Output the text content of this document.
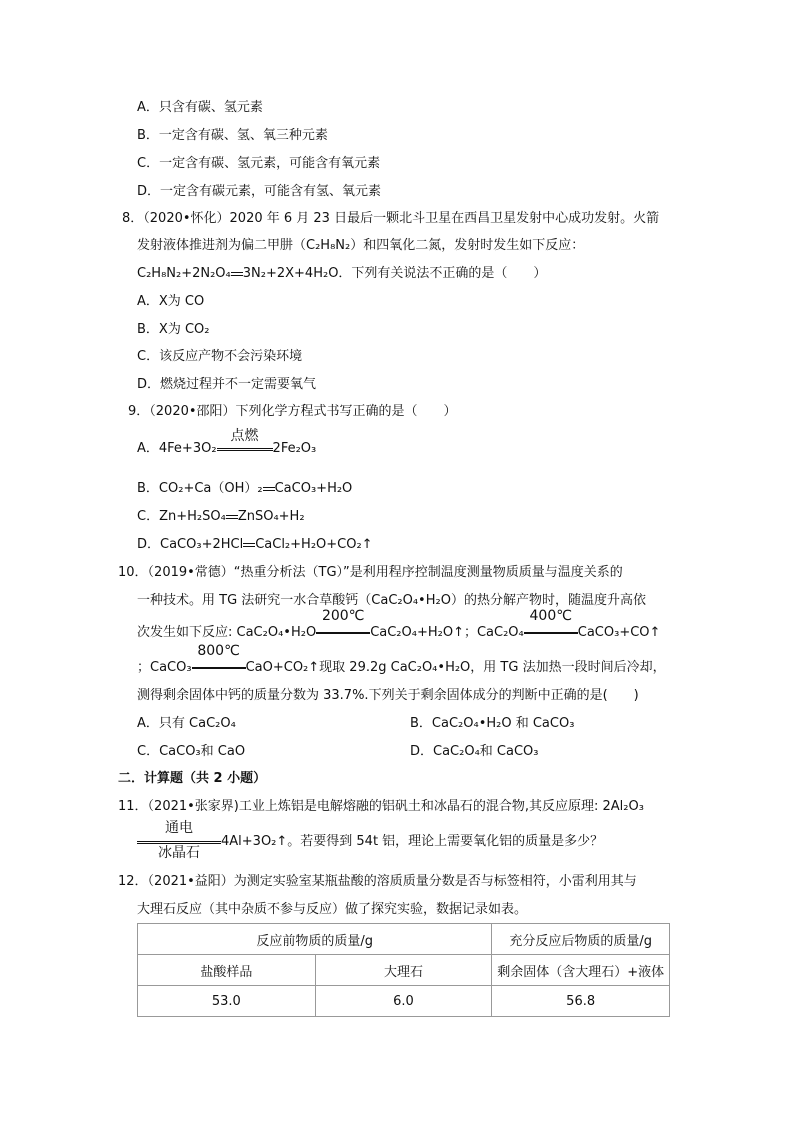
A．只含有碳、氢元素
B．一定含有碳、氢、氧三种元素
C．一定含有碳、氢元素，可能含有氧元素
D．一定含有碳元素，可能含有氢、氧元素
8．（2020•怀化）2020 年 6 月 23 日最后一颗北斗卫星在西昌卫星发射中心成功发射。火箭
发射液体推进剂为偏二甲肼（C₂H₈N₂）和四氧化二氮，发射时发生如下反应：
C₂H₈N₂+2N₂O₄ 3N₂+2X+4H₂O．下列有关说法不正确的是（　　）
A．X为 CO
B．X为 CO₂
C．该反应产物不会污染环境
D．燃烧过程并不一定需要氧气
9．（2020•邵阳）下列化学方程式书写正确的是（　　）
A．4Fe+3O₂
点燃
2Fe₂O₃
B．CO₂+Ca（OH）₂ CaCO₃+H₂O
C．Zn+H₂SO₄ ZnSO₄+H₂
D．CaCO₃+2HCl CaCl₂+H₂O+CO₂↑
10．（2019•常德）“热重分析法（TG）”是利用程序控制温度测量物质质量与温度关系的
一种技术。用 TG 法研究一水合草酸钙（CaC₂O₄•H₂O）的热分解产物时，随温度升高依
次发生如下反应: CaC₂O₄•H₂O
200℃
CaC₂O₄+H₂O↑；CaC₂O₄
400℃
CaCO₃+CO↑
；CaCO₃
800℃
CaO+CO₂↑现取 29.2g CaC₂O₄•H₂O，用 TG 法加热一段时间后冷却，
测得剩余固体中钙的质量分数为 33.7%.下列关于剩余固体成分的判断中正确的是(　　)
A．只有 CaC₂O₄	B．CaC₂O₄•H₂O 和 CaCO₃
C．CaCO₃和 CaO	D．CaC₂O₄和 CaCO₃
二．计算题（共 2 小题）
11．（2021•张家界)工业上炼铝是电解熔融的铝矾土和冰晶石的混合物,其反应原理: 2Al₂O₃
通电
冰晶石
4Al+3O₂↑。若要得到 54t 铝，理论上需要氧化铝的质量是多少？
12．（2021•益阳）为测定实验室某瓶盐酸的溶质质量分数是否与标签相符，小雷利用其与
大理石反应（其中杂质不参与反应）做了探究实验，数据记录如表。
反应前物质的质量/g		充分反应后物质的质量/g
盐酸样品	大理石	剩余固体（含大理石）+液体
53.0	6.0	56.8
